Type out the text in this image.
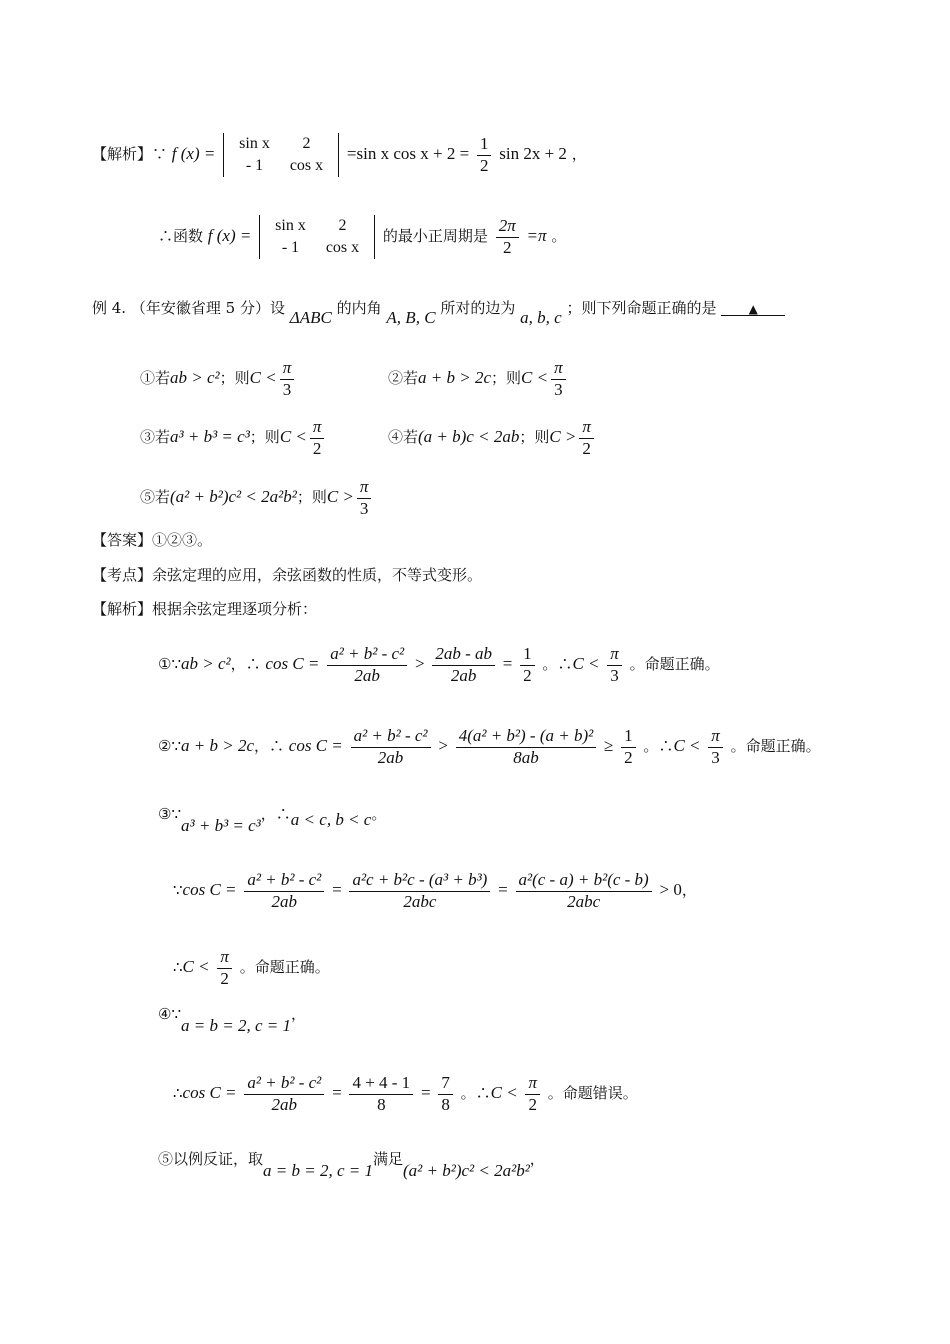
【解析】∵ f (x) =
sin x	2
- 1	cos x
=sin x $\cos x + 2 = \frac{1}{2}$ sin 2x + 2 ，
∴函数 f (x) =
sin x	2
- 1	cos x
的最小正周期是 $\frac{2\pi}{2} =\pi$ 。
例 4. （年安徽省理 5 分）设 ΔABC 的内角 A, B, C 所对的边为 a, b, c ；则下列命题正确的是	▲
①若ab > c²；则$C < \frac{\pi}{3}$	②若a + b > 2c；则$C < \frac{\pi}{3}$
③若a³ + b³ = c³；则$C < \frac{\pi}{2}$	④若(a + b)c < 2ab；则$C > \frac{\pi}{2}$
⑤若(a² + b²)c² < 2a²b²；则$C > \frac{\pi}{3}$
【答案】①②③。
【考点】余弦定理的应用，余弦函数的性质，不等式变形。
【解析】根据余弦定理逐项分析：
①∵ab > c²，∴ $\cos C = \frac{\text{a² + b² - c²}}{2ab} > \frac{2ab - ab}{2ab} = \frac{1}{2}$ 。∴C < $\frac{\pi}{3}$ 。命题正确。
②∵a + b > 2c，∴ $\cos C = \frac{\text{a² + b² - c²}}{2ab} > \frac{\text{4(a² + b²) - (a + b)²}}{8ab} \ge \frac{1}{2}$ 。∴C < $\frac{\pi}{3}$ 。命题正确。
③∵a³ + b³ = c³，∴a < c, b < c。
∵cos $C = \frac{\text{a² + b² - c²}}{2ab}$ =
a²c + b²c - (a³ + b³)
2abc
=
a²(c - a) + b²(c - b)
2abc
> 0，
∴C < $\frac{\pi}{2}$ 。命题正确。
④∵a = b = 2, c = 1，
∴cos $C = \frac{\text{a² + b² - c²}}{2ab} = \frac{4 + 4 - 1}{8} = \frac{7}{8}$ 。∴C < $\frac{\pi}{2}$ 。命题错误。
⑤以例反证，取a = b = 2, c = 1满足(a² + b²)c² < 2a²b²，
